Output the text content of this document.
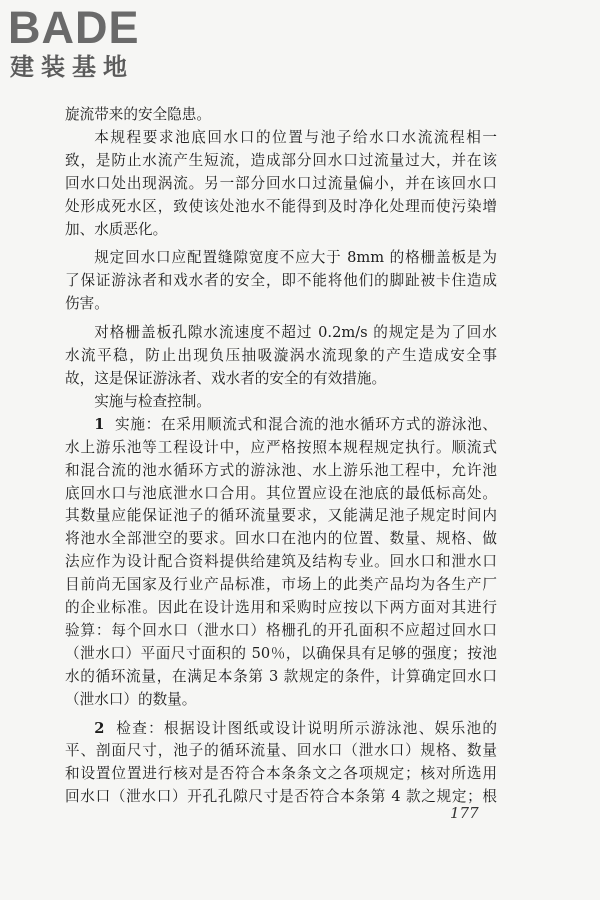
BADE
建装基地

旋流带来的安全隐患。

本规程要求池底回水口的位置与池子给水口水流流程相一

致，是防止水流产生短流，造成部分回水口过流量过大，并在该

回水口处出现涡流。另一部分回水口过流量偏小，并在该回水口

处形成死水区，致使该处池水不能得到及时净化处理而使污染增

加、水质恶化。

规定回水口应配置缝隙宽度不应大于 8mm 的格栅盖板是为

了保证游泳者和戏水者的安全，即不能将他们的脚趾被卡住造成

伤害。

对格栅盖板孔隙水流速度不超过 0.2m/s 的规定是为了回水

水流平稳，防止出现负压抽吸漩涡水流现象的产生造成安全事

故，这是保证游泳者、戏水者的安全的有效措施。

实施与检查控制。

1 实施：在采用顺流式和混合流的池水循环方式的游泳池、

水上游乐池等工程设计中，应严格按照本规程规定执行。顺流式

和混合流的池水循环方式的游泳池、水上游乐池工程中，允许池

底回水口与池底泄水口合用。其位置应设在池底的最低标高处。

其数量应能保证池子的循环流量要求，又能满足池子规定时间内

将池水全部泄空的要求。回水口在池内的位置、数量、规格、做

法应作为设计配合资料提供给建筑及结构专业。回水口和泄水口

目前尚无国家及行业产品标准，市场上的此类产品均为各生产厂

的企业标准。因此在设计选用和采购时应按以下两方面对其进行

验算：每个回水口（泄水口）格栅孔的开孔面积不应超过回水口

（泄水口）平面尺寸面积的 50％，以确保具有足够的强度；按池

水的循环流量，在满足本条第 3 款规定的条件，计算确定回水口

（泄水口）的数量。

2 检查：根据设计图纸或设计说明所示游泳池、娱乐池的

平、剖面尺寸，池子的循环流量、回水口（泄水口）规格、数量

和设置位置进行核对是否符合本条条文之各项规定；核对所选用

回水口（泄水口）开孔孔隙尺寸是否符合本条第 4 款之规定；根

177
